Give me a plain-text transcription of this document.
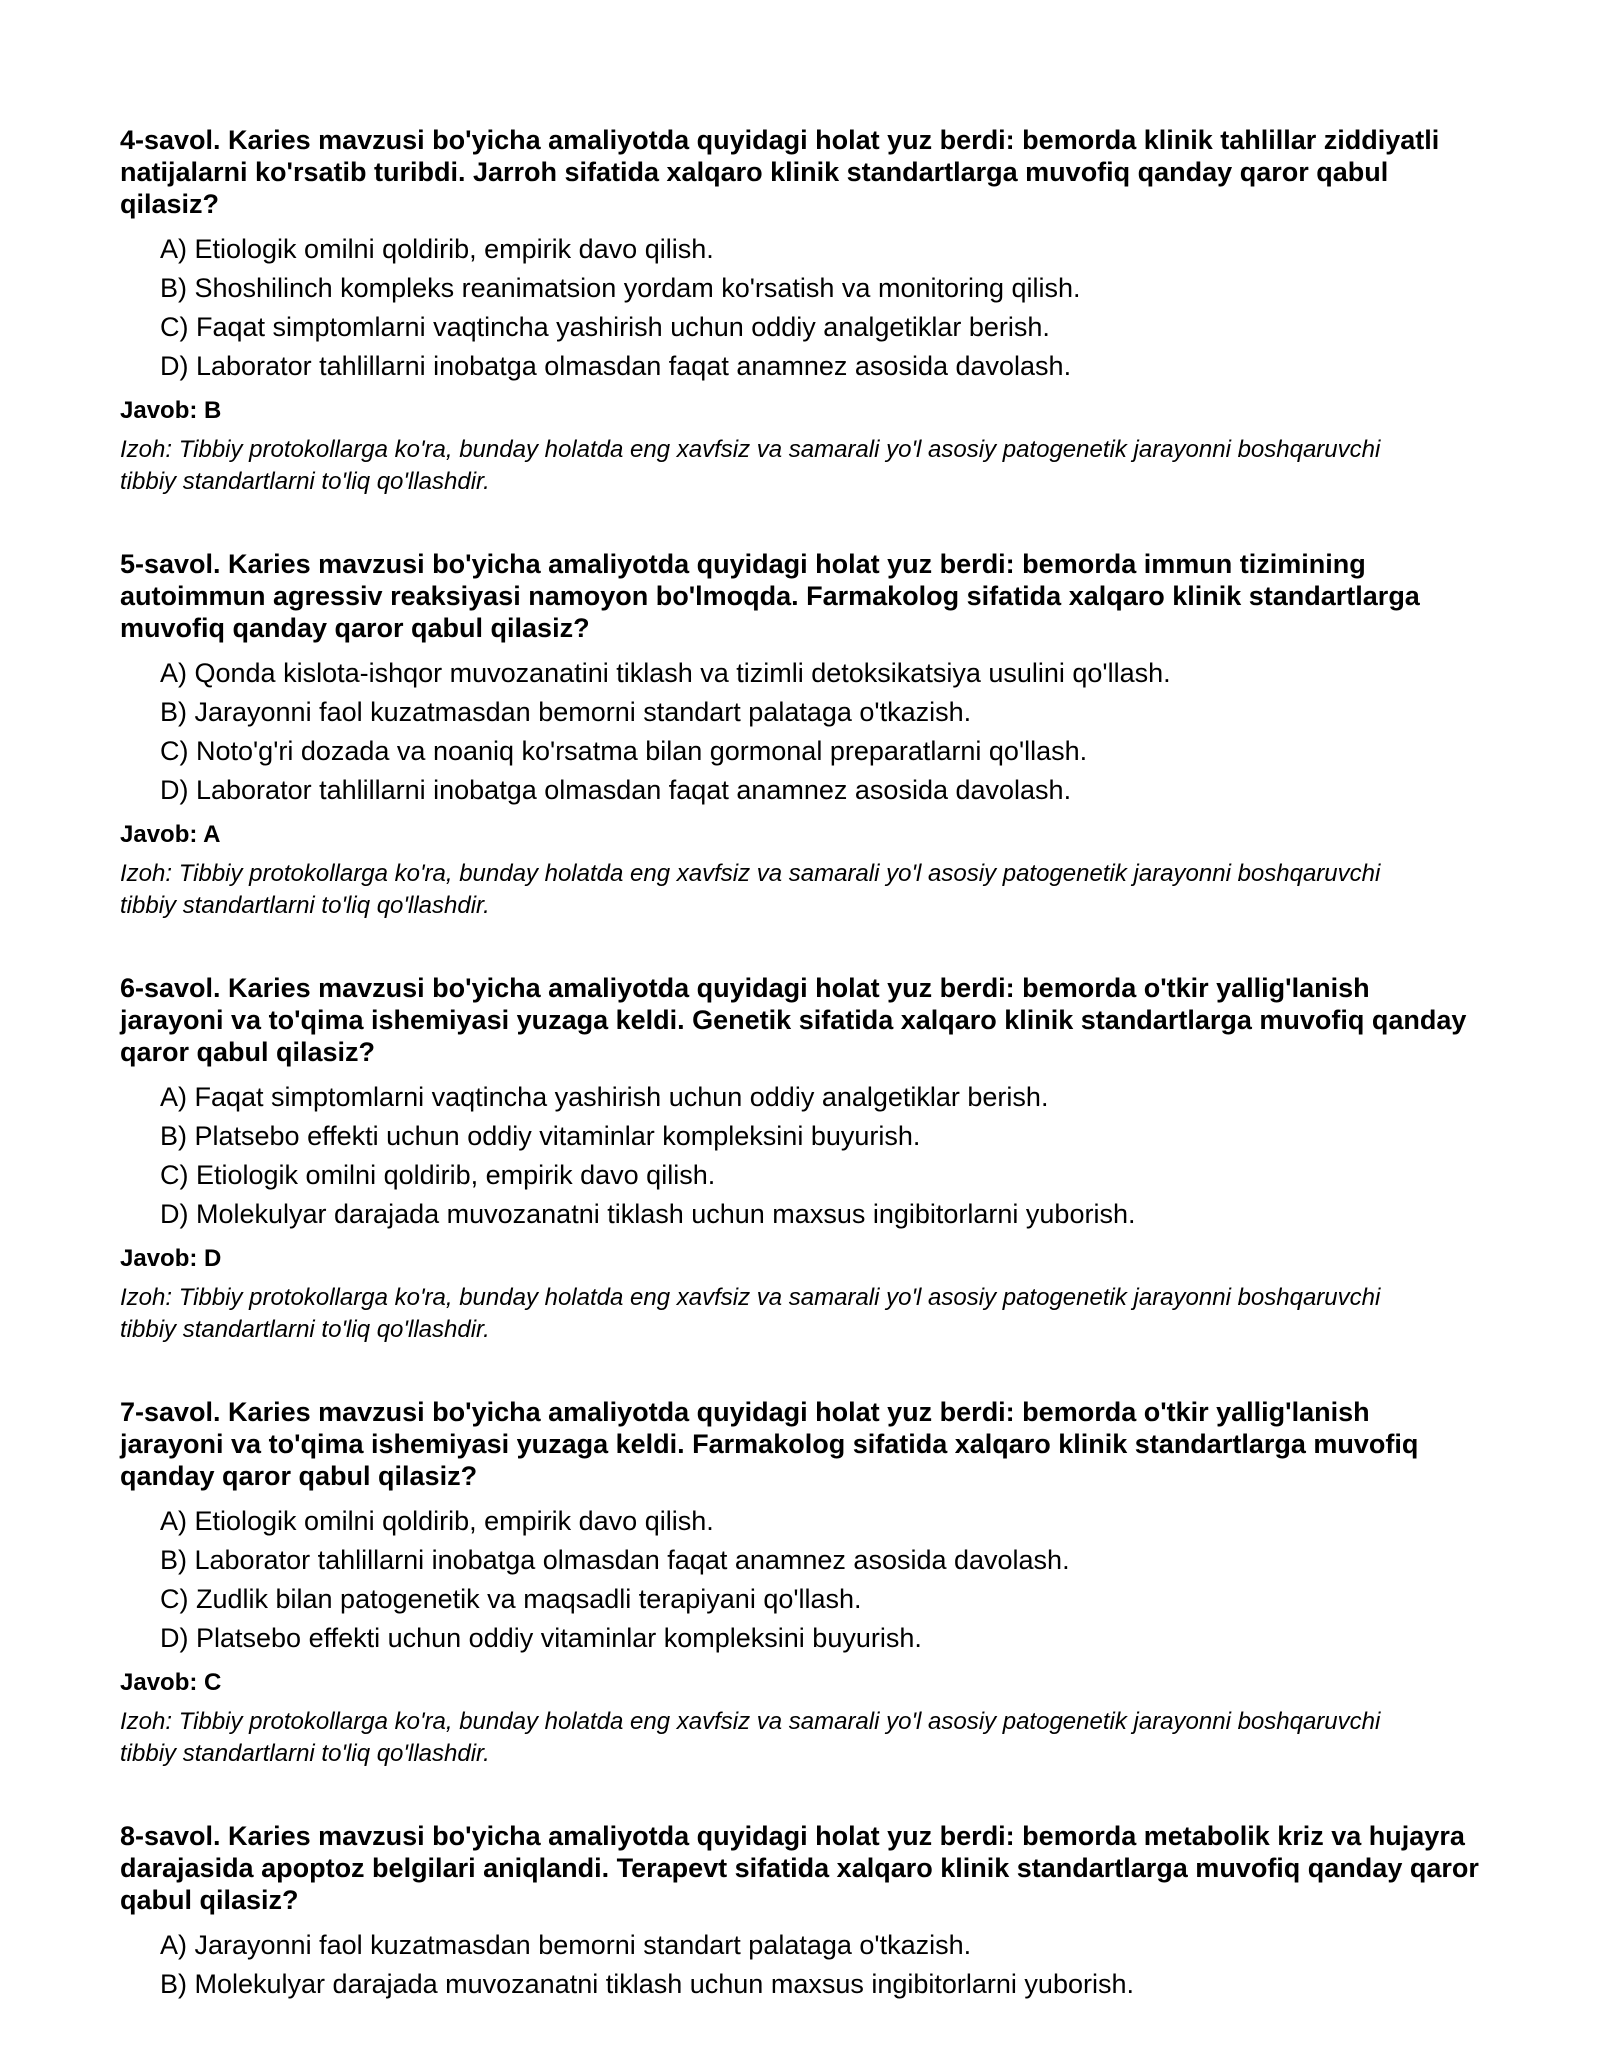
4-savol. Karies mavzusi bo'yicha amaliyotda quyidagi holat yuz berdi: bemorda klinik tahlillar ziddiyatli natijalarni ko'rsatib turibdi. Jarroh sifatida xalqaro klinik standartlarga muvofiq qanday qaror qabul qilasiz?
A) Etiologik omilni qoldirib, empirik davo qilish.
B) Shoshilinch kompleks reanimatsion yordam ko'rsatish va monitoring qilish.
C) Faqat simptomlarni vaqtincha yashirish uchun oddiy analgetiklar berish.
D) Laborator tahlillarni inobatga olmasdan faqat anamnez asosida davolash.
Javob: B
Izoh: Tibbiy protokollarga ko'ra, bunday holatda eng xavfsiz va samarali yo'l asosiy patogenetik jarayonni boshqaruvchi tibbiy standartlarni to'liq qo'llashdir.
5-savol. Karies mavzusi bo'yicha amaliyotda quyidagi holat yuz berdi: bemorda immun tizimining autoimmun agressiv reaksiyasi namoyon bo'lmoqda. Farmakolog sifatida xalqaro klinik standartlarga muvofiq qanday qaror qabul qilasiz?
A) Qonda kislota-ishqor muvozanatini tiklash va tizimli detoksikatsiya usulini qo'llash.
B) Jarayonni faol kuzatmasdan bemorni standart palataga o'tkazish.
C) Noto'g'ri dozada va noaniq ko'rsatma bilan gormonal preparatlarni qo'llash.
D) Laborator tahlillarni inobatga olmasdan faqat anamnez asosida davolash.
Javob: A
Izoh: Tibbiy protokollarga ko'ra, bunday holatda eng xavfsiz va samarali yo'l asosiy patogenetik jarayonni boshqaruvchi tibbiy standartlarni to'liq qo'llashdir.
6-savol. Karies mavzusi bo'yicha amaliyotda quyidagi holat yuz berdi: bemorda o'tkir yallig'lanish jarayoni va to'qima ishemiyasi yuzaga keldi. Genetik sifatida xalqaro klinik standartlarga muvofiq qanday qaror qabul qilasiz?
A) Faqat simptomlarni vaqtincha yashirish uchun oddiy analgetiklar berish.
B) Platsebo effekti uchun oddiy vitaminlar kompleksini buyurish.
C) Etiologik omilni qoldirib, empirik davo qilish.
D) Molekulyar darajada muvozanatni tiklash uchun maxsus ingibitorlarni yuborish.
Javob: D
Izoh: Tibbiy protokollarga ko'ra, bunday holatda eng xavfsiz va samarali yo'l asosiy patogenetik jarayonni boshqaruvchi tibbiy standartlarni to'liq qo'llashdir.
7-savol. Karies mavzusi bo'yicha amaliyotda quyidagi holat yuz berdi: bemorda o'tkir yallig'lanish jarayoni va to'qima ishemiyasi yuzaga keldi. Farmakolog sifatida xalqaro klinik standartlarga muvofiq qanday qaror qabul qilasiz?
A) Etiologik omilni qoldirib, empirik davo qilish.
B) Laborator tahlillarni inobatga olmasdan faqat anamnez asosida davolash.
C) Zudlik bilan patogenetik va maqsadli terapiyani qo'llash.
D) Platsebo effekti uchun oddiy vitaminlar kompleksini buyurish.
Javob: C
Izoh: Tibbiy protokollarga ko'ra, bunday holatda eng xavfsiz va samarali yo'l asosiy patogenetik jarayonni boshqaruvchi tibbiy standartlarni to'liq qo'llashdir.
8-savol. Karies mavzusi bo'yicha amaliyotda quyidagi holat yuz berdi: bemorda metabolik kriz va hujayra darajasida apoptoz belgilari aniqlandi. Terapevt sifatida xalqaro klinik standartlarga muvofiq qanday qaror qabul qilasiz?
A) Jarayonni faol kuzatmasdan bemorni standart palataga o'tkazish.
B) Molekulyar darajada muvozanatni tiklash uchun maxsus ingibitorlarni yuborish.
